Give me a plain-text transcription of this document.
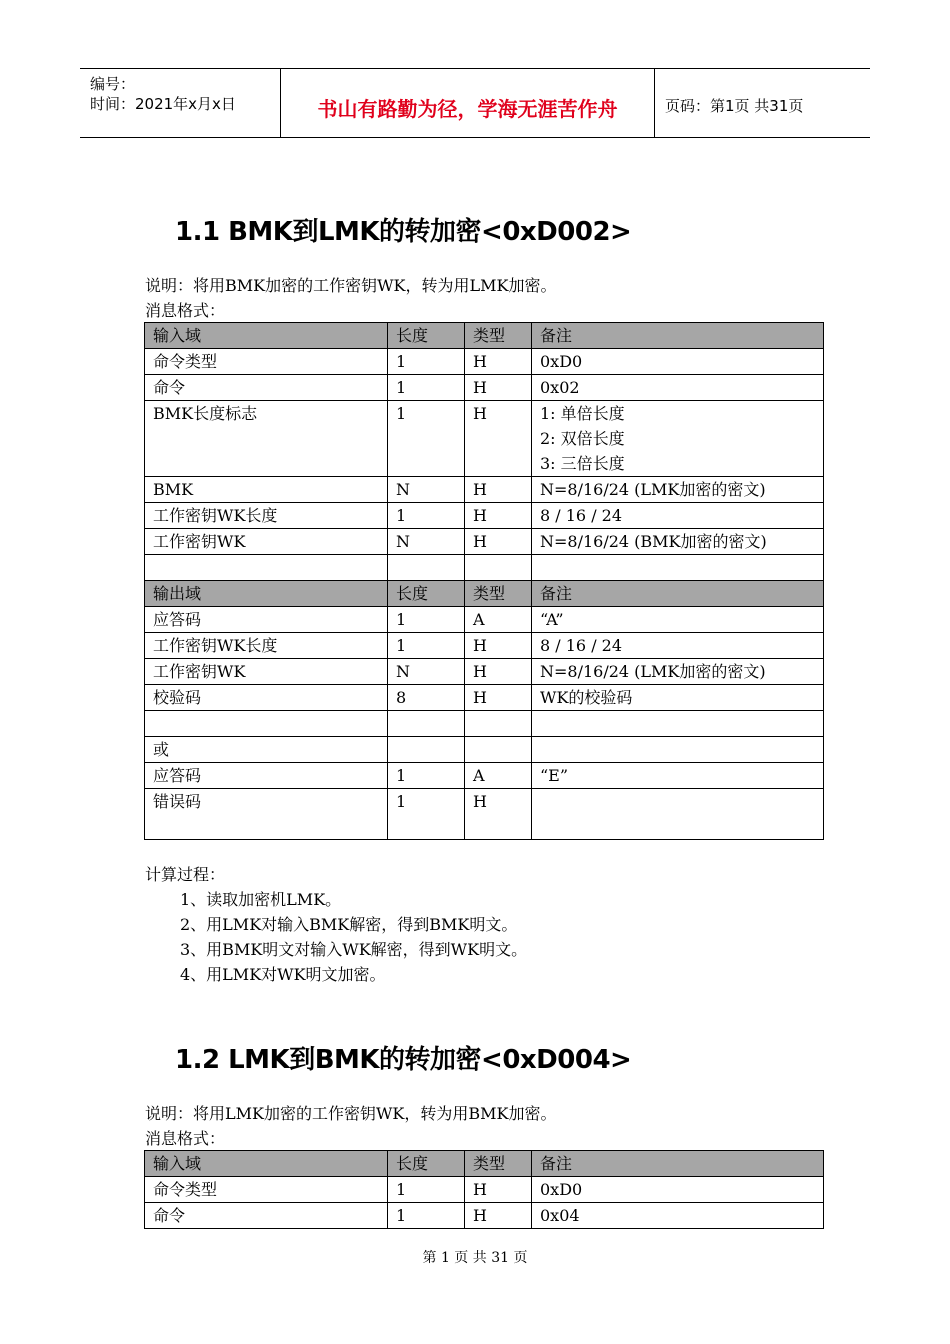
编号：
时间：2021年x月x日	书山有路勤为径，学海无涯苦作舟	页码：第1页 共31页
1.1 BMK到LMK的转加密<0xD002>
说明：将用BMK加密的工作密钥WK，转为用LMK加密。
消息格式：
输入域	长度	类型	备注
命令类型	1	H	0xD0
命令	1	H	0x02
BMK长度标志	1	H	1: 单倍长度
2: 双倍长度
3: 三倍长度

BMK	N	H	N=8/16/24 (LMK加密的密文)
工作密钥WK长度	1	H	8 / 16 / 24
工作密钥WK	N	H	N=8/16/24 (BMK加密的密文)

输出域	长度	类型	备注
应答码	1	A	“A”
工作密钥WK长度	1	H	8 / 16 / 24
工作密钥WK	N	H	N=8/16/24 (LMK加密的密文)
校验码	8	H	WK的校验码

或			
应答码	1	A	“E”
错误码	1	H	
计算过程：
1、读取加密机LMK。
2、用LMK对输入BMK解密，得到BMK明文。
3、用BMK明文对输入WK解密，得到WK明文。
4、用LMK对WK明文加密。
1.2 LMK到BMK的转加密<0xD004>
说明：将用LMK加密的工作密钥WK，转为用BMK加密。
消息格式：
输入域	长度	类型	备注
命令类型	1	H	0xD0
命令	1	H	0x04
第 1 页 共 31 页
